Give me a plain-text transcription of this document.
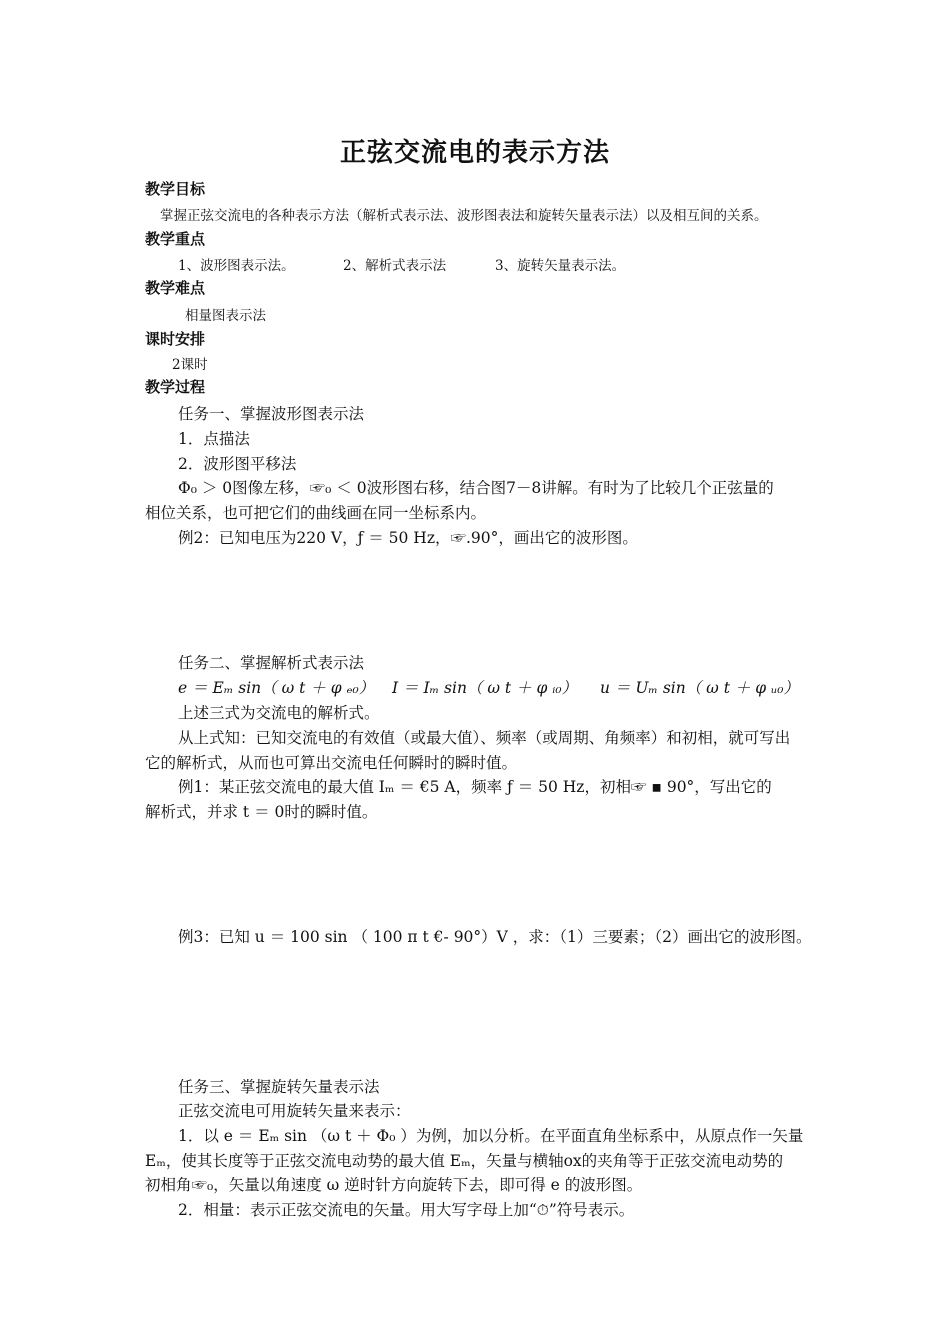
正弦交流电的表示方法
教学目标
掌握正弦交流电的各种表示方法（解析式表示法、波形图表法和旋转矢量表示法）以及相互间的关系。
教学重点
1、波形图表示法。	2、解析式表示法	3、旋转矢量表示法。
教学难点
相量图表示法
课时安排
2课时
教学过程
任务一、掌握波形图表示法
1．点描法
2．波形图平移法
Φ₀ ＞ 0图像左移，☞₀ ＜ 0波形图右移，结合图7－8讲解。有时为了比较几个正弦量的
相位关系，也可把它们的曲线画在同一坐标系内。
例2：已知电压为220 V，ƒ ＝ 50 Hz，☞.90°，画出它的波形图。
任务二、掌握解析式表示法
e ＝ Eₘ sin（ ω t ＋ φ ₑ₀） I ＝ Iₘ sin（ ω t ＋ φ ᵢ₀） u ＝ Uₘ sin（ ω t ＋ φ ᵤ₀）
上述三式为交流电的解析式。
从上式知：已知交流电的有效值（或最大值）、频率（或周期、角频率）和初相，就可写出
它的解析式，从而也可算出交流电任何瞬时的瞬时值。
例1：某正弦交流电的最大值 Iₘ ＝ €5 A，频率 ƒ ＝ 50 Hz，初相☞ ▪ 90°，写出它的
解析式，并求 t ＝ 0时的瞬时值。
例3：已知 u ＝ 100 sin （ 100 π t €- 90°）V ，求：（1）三要素；（2）画出它的波形图。
任务三、掌握旋转矢量表示法
正弦交流电可用旋转矢量来表示：
1．以 e ＝ Eₘ sin （ω t ＋ Φ₀ ）为例，加以分析。在平面直角坐标系中，从原点作一矢量
Eₘ，使其长度等于正弦交流电动势的最大值 Eₘ，矢量与横轴ox的夹角等于正弦交流电动势的
初相角☞₀，矢量以角速度 ω 逆时针方向旋转下去，即可得 e 的波形图。
2．相量：表示正弦交流电的矢量。用大写字母上加“⏱”符号表示。
